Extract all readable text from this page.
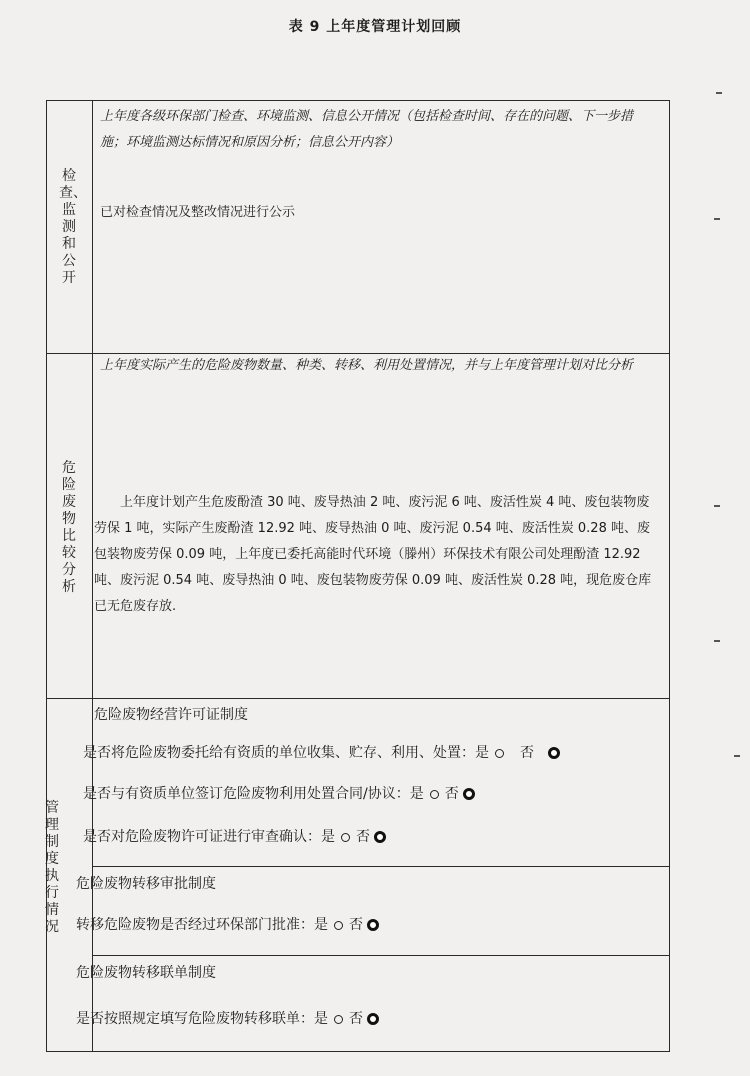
表 9 上年度管理计划回顾
检查、监测和公开
上年度各级环保部门检查、环境监测、信息公开情况（包括检查时间、存在的问题、下一步措施；环境监测达标情况和原因分析；信息公开内容）
已对检查情况及整改情况进行公示
危险废物比较分析
上年度实际产生的危险废物数量、种类、转移、利用处置情况，并与上年度管理计划对比分析
上年度计划产生危废酚渣 30 吨、废导热油 2 吨、废污泥 6 吨、废活性炭 4 吨、废包装物废劳保 1 吨，实际产生废酚渣 12.92 吨、废导热油 0 吨、废污泥 0.54 吨、废活性炭 0.28 吨、废包装物废劳保 0.09 吨，上年度已委托高能时代环境（滕州）环保技术有限公司处理酚渣 12.92 吨、废污泥 0.54 吨、废导热油 0 吨、废包装物废劳保 0.09 吨、废活性炭 0.28 吨，现危废仓库已无危废存放.
管理制度执行情况
危险废物经营许可证制度
是否将危险废物委托给有资质的单位收集、贮存、利用、处置：是 否
是否与有资质单位签订危险废物利用处置合同/协议：是 否
是否对危险废物许可证进行审查确认：是 否
危险废物转移审批制度
转移危险废物是否经过环保部门批准：是 否
危险废物转移联单制度
是否按照规定填写危险废物转移联单：是 否
